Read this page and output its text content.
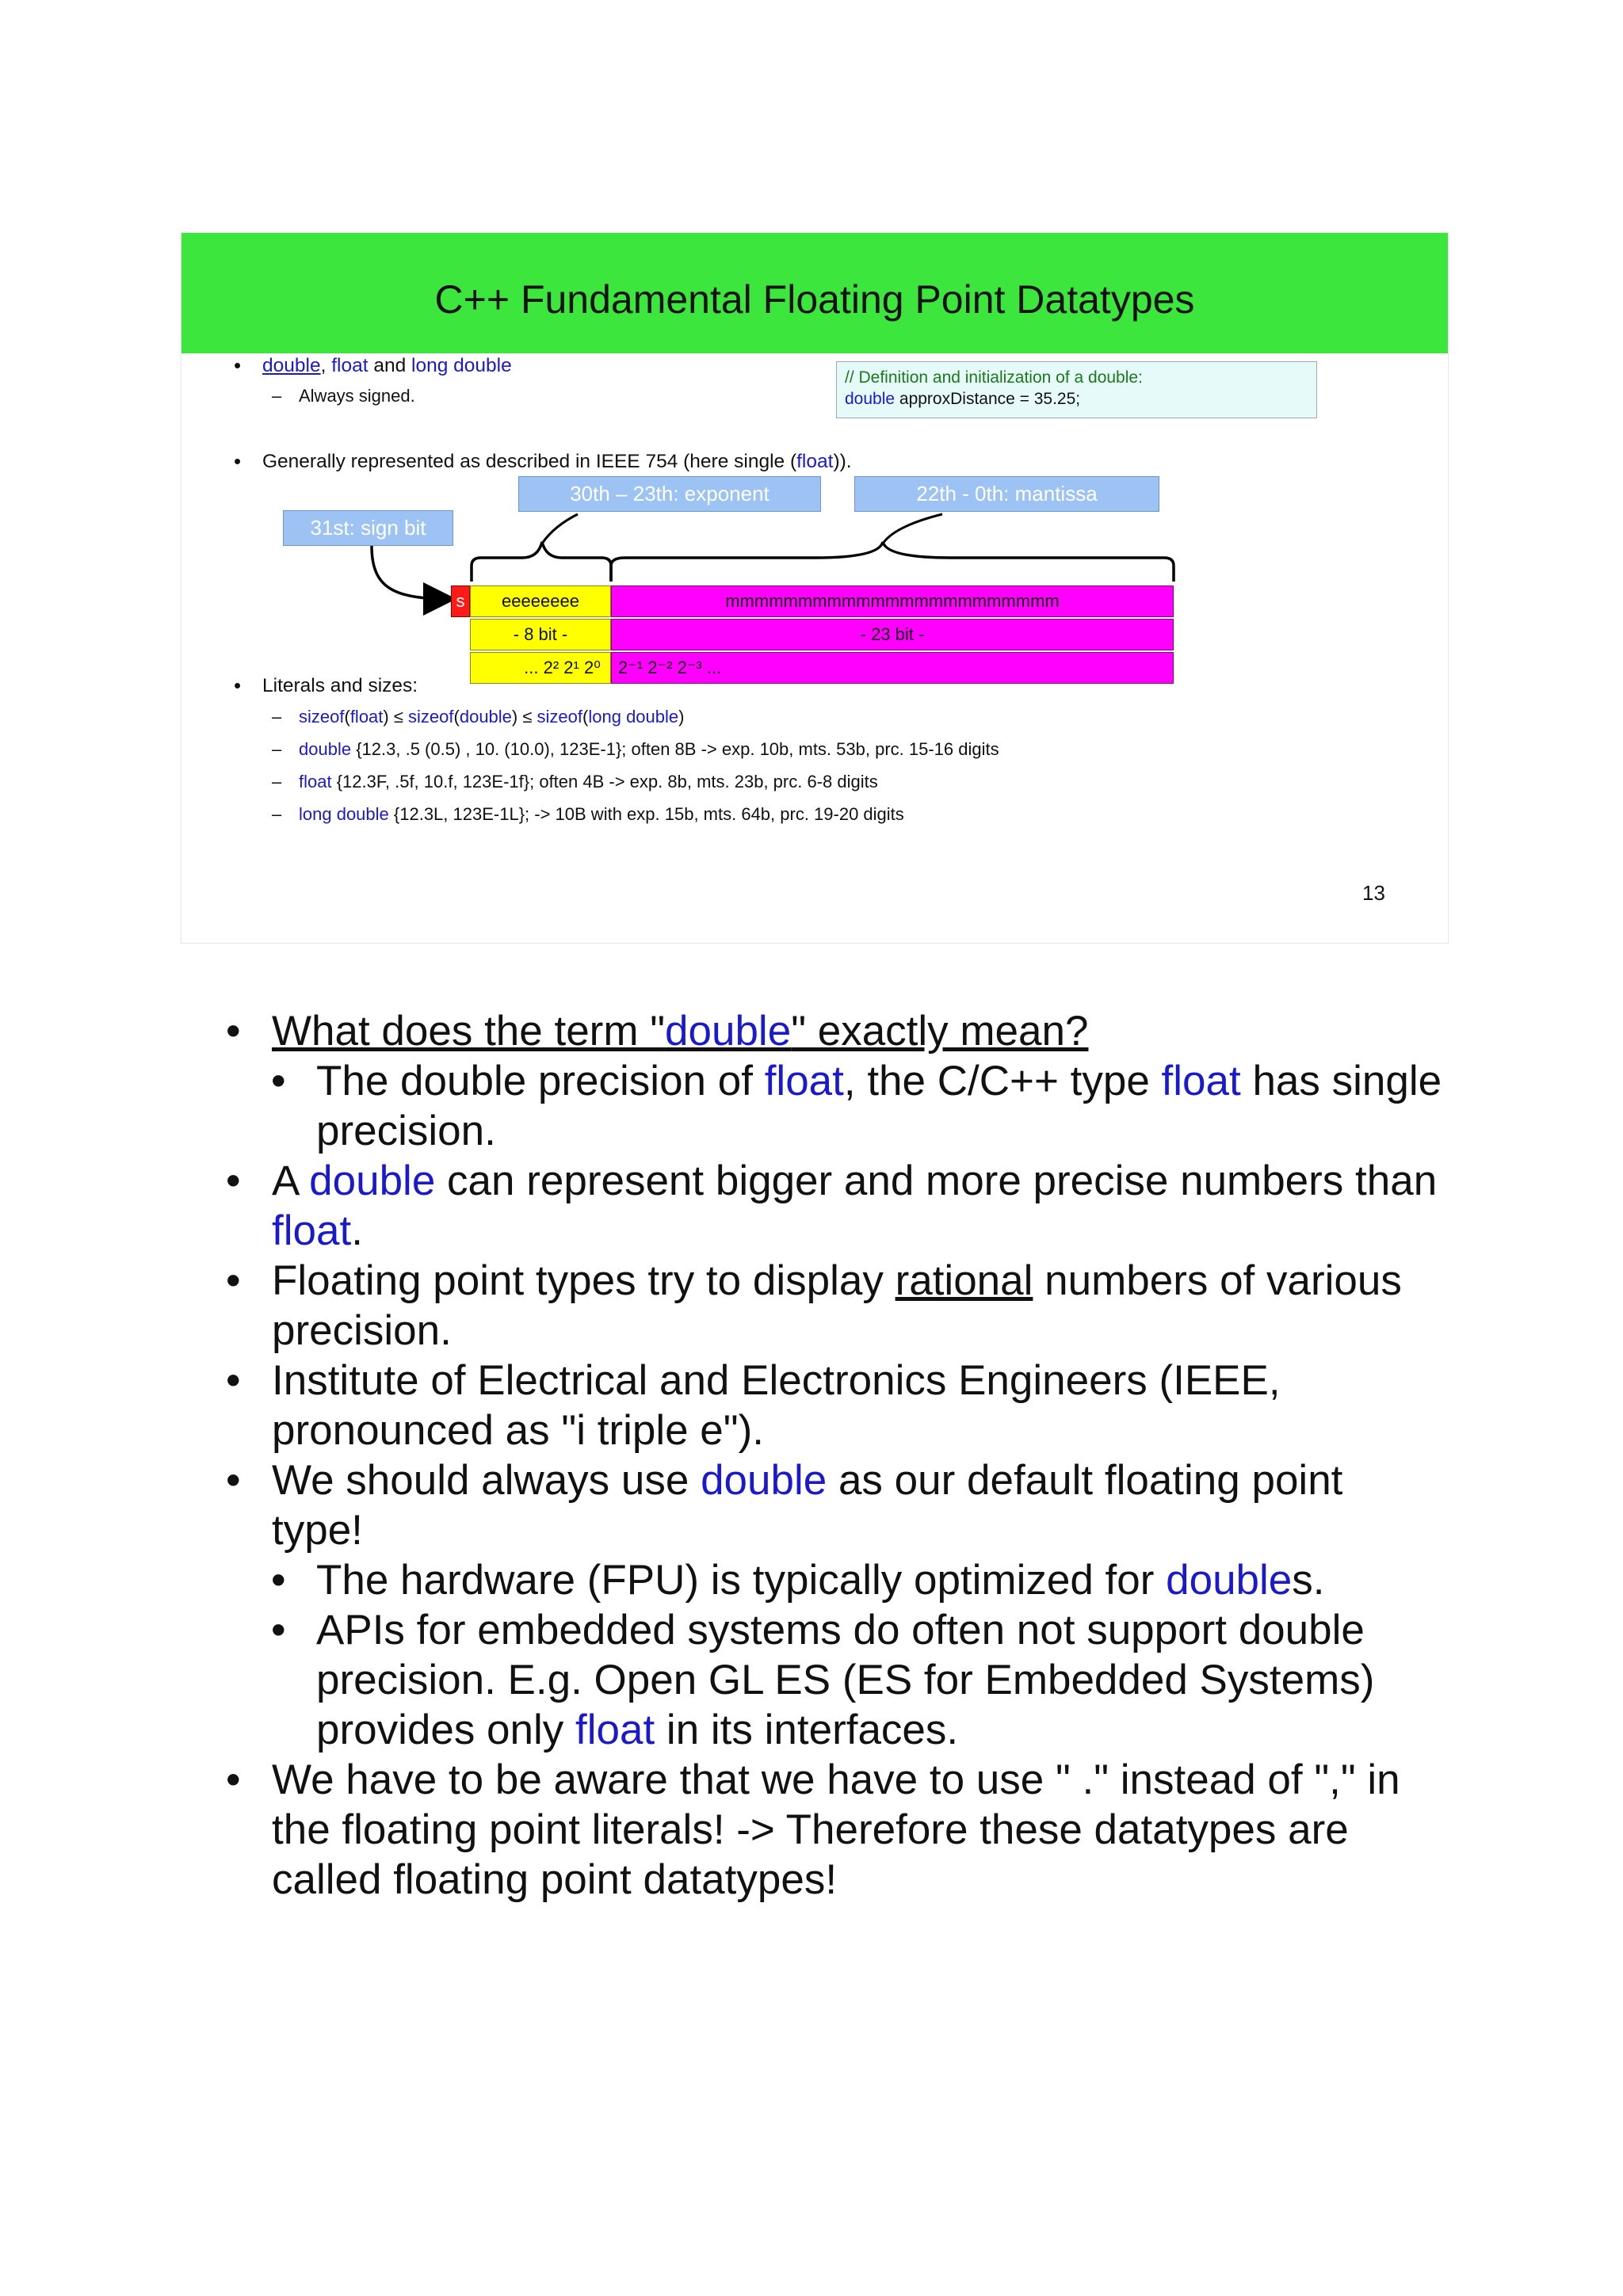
C++ Fundamental Floating Point Datatypes
• double, float and long double
– Always signed.
// Definition and initialization of a double:
double approxDistance = 35.25;
• Generally represented as described in IEEE 754 (here single (float)).
31st: sign bit
30th – 23th: exponent	22th - 0th: mantissa
s	eeeeeeee	mmmmmmmmmmmmmmmmmmmmmmm
- 8 bit -	- 23 bit -
... 2² 2¹ 2⁰	2⁻¹ 2⁻² 2⁻³ ...
• Literals and sizes:
– sizeof(float) ≤ sizeof(double) ≤ sizeof(long double)
– double {12.3, .5 (0.5) , 10. (10.0), 123E-1}; often 8B -> exp. 10b, mts. 53b, prc. 15-16 digits
– float {12.3F, .5f, 10.f, 123E-1f}; often 4B -> exp. 8b, mts. 23b, prc. 6-8 digits
– long double {12.3L, 123E-1L}; -> 10B with exp. 15b, mts. 64b, prc. 19-20 digits
13
• What does the term "double" exactly mean?
• The double precision of float, the C/C++ type float has single precision.
• A double can represent bigger and more precise numbers than float.
• Floating point types try to display rational numbers of various precision.
• Institute of Electrical and Electronics Engineers (IEEE, pronounced as "i triple e").
• We should always use double as our default floating point type!
• The hardware (FPU) is typically optimized for doubles.
• APIs for embedded systems do often not support double precision. E.g. Open GL ES (ES for Embedded Systems) provides only float in its interfaces.
• We have to be aware that we have to use " ." instead of "," in the floating point literals! -> Therefore these datatypes are called floating point datatypes!
